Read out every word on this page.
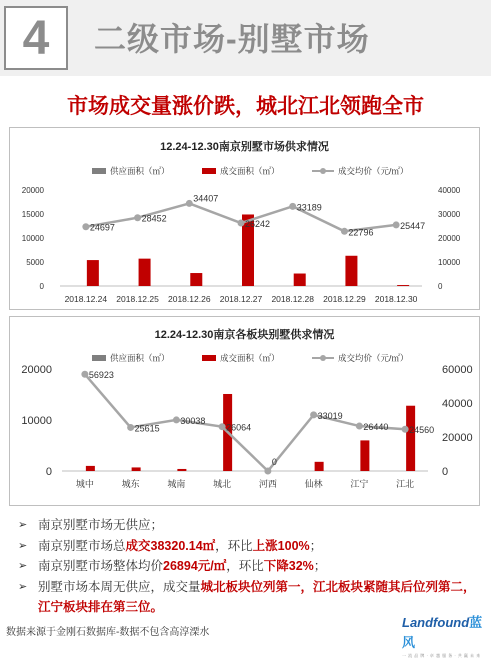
4 二级市场-别墅市场
市场成交量涨价跌，城北江北领跑全市
12.24-12.30南京别墅市场供求情况
供应面积（㎡）	成交面积（㎡）	成交均价（元/㎡）
20000
15000
10000
5000
0
40000
30000
20000
10000
0
2018.12.24 2018.12.25 2018.12.26 2018.12.27 2018.12.28 2018.12.29 2018.12.30
24697
28452
34407
26242
33189
22796
25447
12.24-12.30南京各板块别墅供求情况
供应面积（㎡）	成交面积（㎡）	成交均价（元/㎡）
20000
10000
0
60000
40000
20000
0
城中	城东	城南	城北	河西	仙林	江宁	江北
56923
25615
30038
26064
0
33019
26440 24560
➢ 南京别墅市场无供应；
➢ 南京别墅市场总成交38320.14㎡，环比上涨100%；
➢ 南京别墅市场整体均价26894元/㎡，环比下降32%；
➢ 别墅市场本周无供应，成交量城北板块位列第一，江北板块紧随其后位列第二，江宁板块排在第三位。
数据来源于金刚石数据库-数据不包含高淳溧水
Landfound蓝风
一 流 品 牌 · 卓 越 服 务 · 共 赢 未 来
